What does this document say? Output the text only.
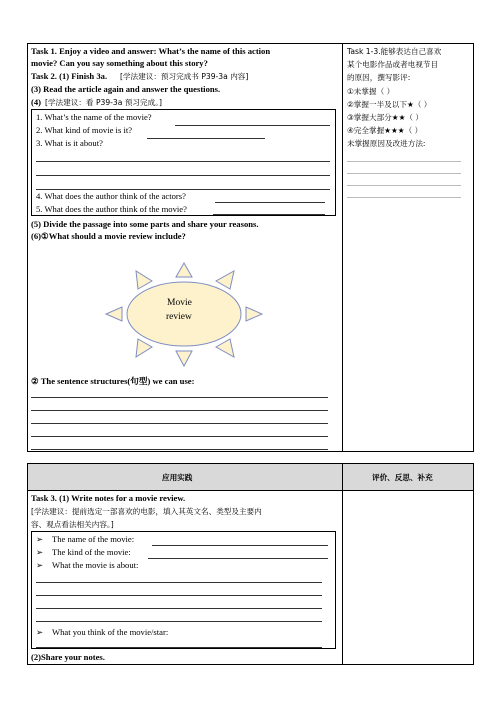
Task 1. Enjoy a video and answer: What’s the name of this action
movie? Can you say something about this story?
Task 2. (1) Finish 3a. [学法建议：预习完成书 P39-3a 内容]
(3) Read the article again and answer the questions.
(4) [学法建议：看 P39-3a 预习完成。]
1. What’s the name of the movie?
2. What kind of movie is it?
3. What is it about?
4. What does the author think of the actors?
5. What does the author think of the movie?
(5) Divide the passage into some parts and share your reasons.
(6)①What should a movie review include?
Movie
review
② The sentence structures(句型) we can use:
Task 1-3.能够表达自己喜欢
某个电影作品或者电视节目
的原因，撰写影评:
①未掌握（ ）
②掌握一半及以下★（ ）
③掌握大部分★★（ ）
④完全掌握★★★（ ）
未掌握原因及改进方法:
应用实践	评价、反思、补充
Task 3. (1) Write notes for a movie review.
[学法建议：提前选定一部喜欢的电影，填入其英文名、类型及主要内
容、观点看法相关内容。]
➢ The name of the movie:
➢ The kind of the movie:
➢ What the movie is about:
➢ What you think of the movie/star:
(2)Share your notes.
